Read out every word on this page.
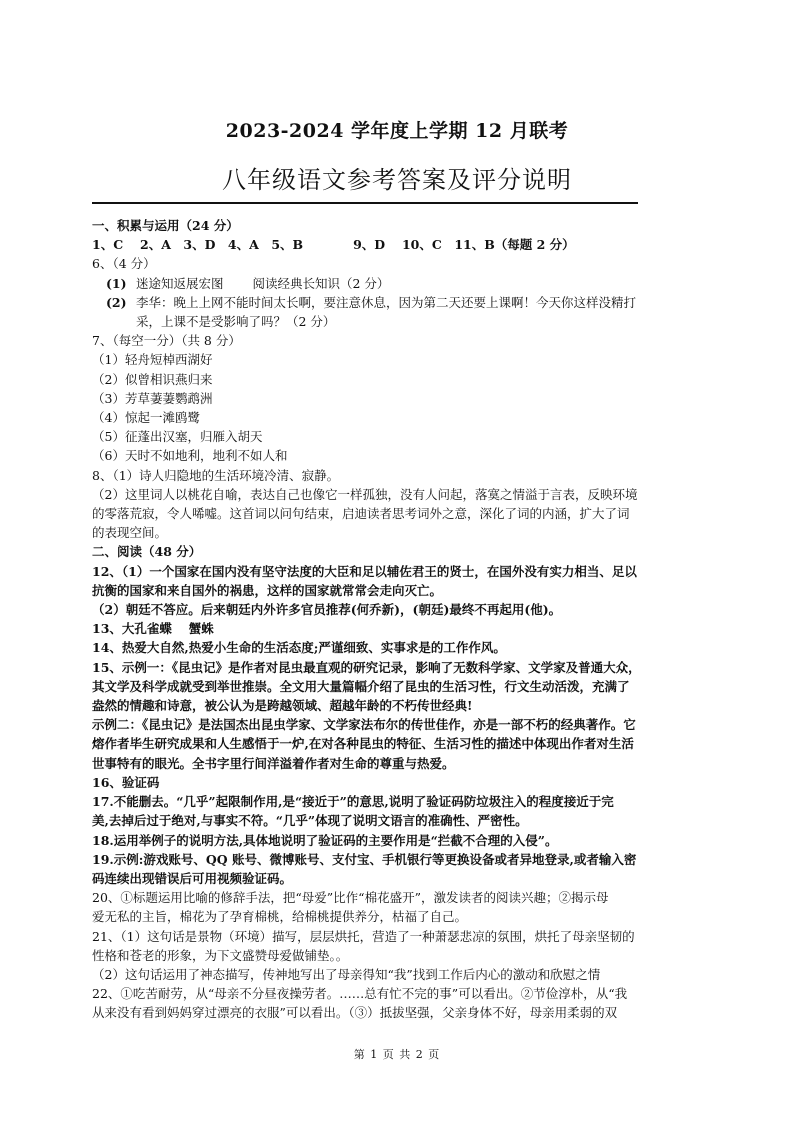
2023-2024 学年度上学期 12 月联考
八年级语文参考答案及评分说明
一、积累与运用（24 分）
1、C　 2、A　3、D　4、A　5、B　　　　9、D　 10、C　11、B（每题 2 分）
6、（4 分）
(1) 迷途知返展宏图　　 阅读经典长知识（2 分）
(2) 李华：晚上上网不能时间太长啊，要注意休息，因为第二天还要上课啊！今天你这样没精打
采，上课不是受影响了吗？（2 分）
7、（每空一分）（共 8 分）
（1）轻舟短棹西湖好
（2）似曾相识燕归来
（3）芳草萋萋鹦鹉洲
（4）惊起一滩鸥鹭
（5）征蓬出汉塞，归雁入胡天
（6）天时不如地利，地利不如人和
8、（1）诗人归隐地的生活环境冷清、寂静。
（2）这里词人以桃花自喻，表达自己也像它一样孤独，没有人问起，落寞之情溢于言表，反映环境
的零落荒寂，令人唏嘘。这首词以问句结束，启迪读者思考词外之意，深化了词的内涵，扩大了词
的表现空间。
二、阅读（48 分）
12、（1）一个国家在国内没有坚守法度的大臣和足以辅佐君王的贤士，在国外没有实力相当、足以
抗衡的国家和来自国外的祸患，这样的国家就常常会走向灭亡。
（2）朝廷不答应。后来朝廷内外许多官员推荐(何乔新)，(朝廷)最终不再起用(他)。
13、大孔雀蝶　 蟹蛛
14、热爱大自然,热爱小生命的生活态度;严谨细致、实事求是的工作作风。
15、示例一：《昆虫记》是作者对昆虫最直观的研究记录，影响了无数科学家、文学家及普通大众，
其文学及科学成就受到举世推崇。全文用大量篇幅介绍了昆虫的生活习性，行文生动活泼，充满了
盎然的情趣和诗意，被公认为是跨越领域、超越年龄的不朽传世经典!
示例二：《昆虫记》是法国杰出昆虫学家、文学家法布尔的传世佳作，亦是一部不朽的经典著作。它
熔作者毕生研究成果和人生感悟于一炉,在对各种昆虫的特征、生活习性的描述中体现出作者对生活
世事特有的眼光。全书字里行间洋溢着作者对生命的尊重与热爱。
16、验证码
17.不能删去。“几乎”起限制作用,是“接近于”的意思,说明了验证码防垃圾注入的程度接近于完
美,去掉后过于绝对,与事实不符。“几乎”体现了说明文语言的准确性、严密性。
18.运用举例子的说明方法,具体地说明了验证码的主要作用是“拦截不合理的入侵”。
19.示例:游戏账号、QQ 账号、微博账号、支付宝、手机银行等更换设备或者异地登录,或者输入密
码连续出现错误后可用视频验证码。
20、①标题运用比喻的修辞手法，把“母爱”比作“棉花盛开”，激发读者的阅读兴趣；②揭示母
爱无私的主旨，棉花为了孕育棉桃，给棉桃提供养分，枯福了自己。
21、（1）这句话是景物（环境）描写，层层烘托，营造了一种萧瑟悲凉的氛围，烘托了母亲坚韧的
性格和苍老的形象，为下文盛赞母爱做铺垫。。
（2）这句话运用了神态描写，传神地写出了母亲得知“我”找到工作后内心的激动和欣慰之情
22、①吃苦耐劳，从“母亲不分昼夜操劳者。……总有忙不完的事”可以看出。②节俭淳朴，从“我
从来没有看到妈妈穿过漂亮的衣服”可以看出。（③）抵拔坚强，父亲身体不好，母亲用柔弱的双
第 1 页 共 2 页
